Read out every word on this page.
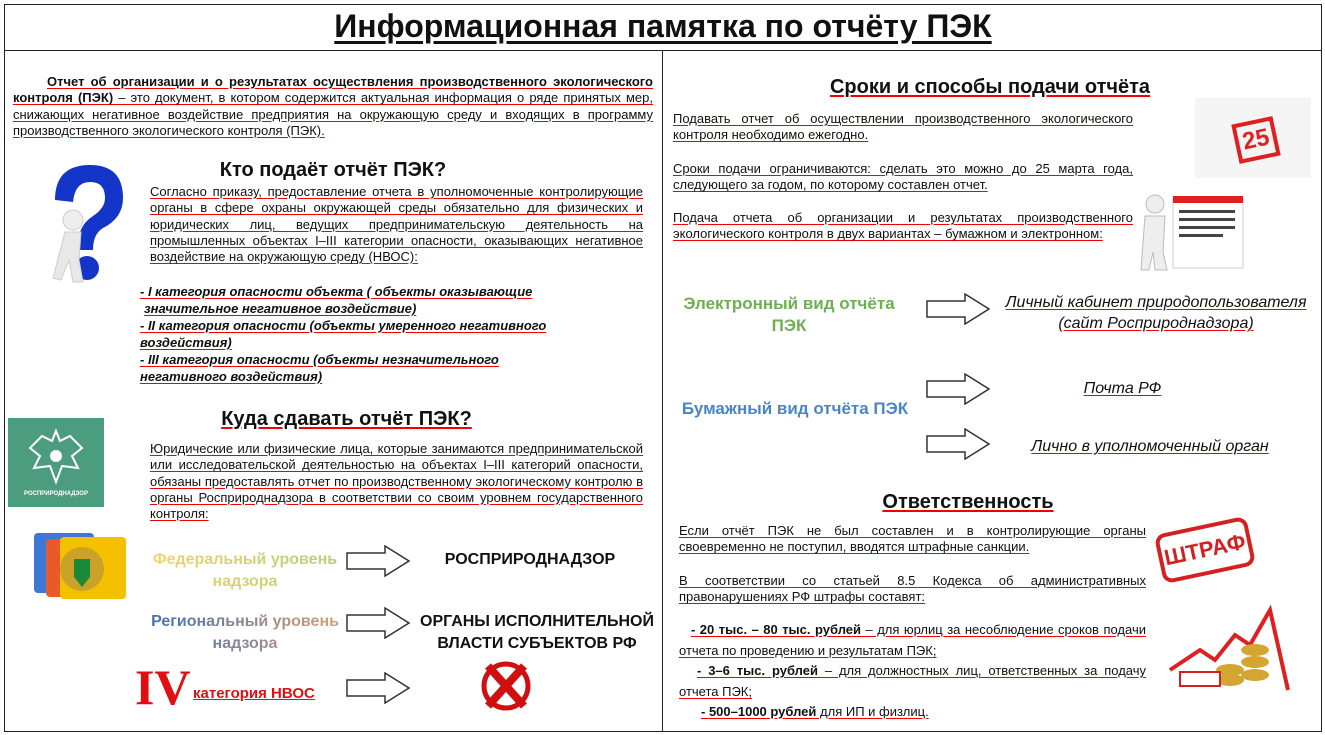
Информационная памятка по отчёту ПЭК
Отчет об организации и о результатах осуществления производственного экологического контроля (ПЭК) – это документ, в котором содержится актуальная информация о ряде принятых мер, снижающих негативное воздействие предприятия на окружающую среду и входящих в программу производственного экологического контроля (ПЭК).
Кто подаёт отчёт ПЭК?
Согласно приказу, предоставление отчета в уполномоченные контролирующие органы в сфере охраны окружающей среды обязательно для физических и юридических лиц, ведущих предпринимательскую деятельность на промышленных объектах I–III категории опасности, оказывающих негативное воздействие на окружающую среду (НВОС):
- I категория опасности объекта ( объекты оказывающие значительное негативное воздействие)
- II категория опасности (объекты умеренного негативного воздействия)
- III категория опасности (объекты незначительного негативного воздействия)
РОСПРИРОДНАДЗОР
Куда сдавать отчёт ПЭК?
Юридические или физические лица, которые занимаются предпринимательской или исследовательской деятельностью на объектах I–III категорий опасности, обязаны предоставлять отчет по производственному экологическому контролю в органы Росприроднадзора в соответствии со своим уровнем государственного контроля:
Федеральный уровень надзора
РОСПРИРОДНАДЗОР
Региональный уровень надзора
ОРГАНЫ ИСПОЛНИТЕЛЬНОЙ ВЛАСТИ СУБЪЕКТОВ РФ
IV категория НВОС
Сроки и способы подачи отчёта
Подавать отчет об осуществлении производственного экологического контроля необходимо ежегодно.
Сроки подачи ограничиваются: сделать это можно до 25 марта года, следующего за годом, по которому составлен отчет.
Подача отчета об организации и результатах производственного экологического контроля в двух вариантах – бумажном и электронном:
25
Электронный вид отчёта ПЭК
Личный кабинет природопользователя (сайт Росприроднадзора)
Бумажный вид отчёта ПЭК
Почта РФ
Лично в уполномоченный орган
Ответственность
Если отчёт ПЭК не был составлен и в контролирующие органы своевременно не поступил, вводятся штрафные санкции.
В соответствии со статьей 8.5 Кодекса об административных правонарушениях РФ штрафы составят:
- 20 тыс. – 80 тыс. рублей – для юрлиц за несоблюдение сроков подачи отчета по проведению и результатам ПЭК;
- 3–6 тыс. рублей – для должностных лиц, ответственных за подачу отчета ПЭК;
- 500–1000 рублей для ИП и физлиц.
ШТРАФ
